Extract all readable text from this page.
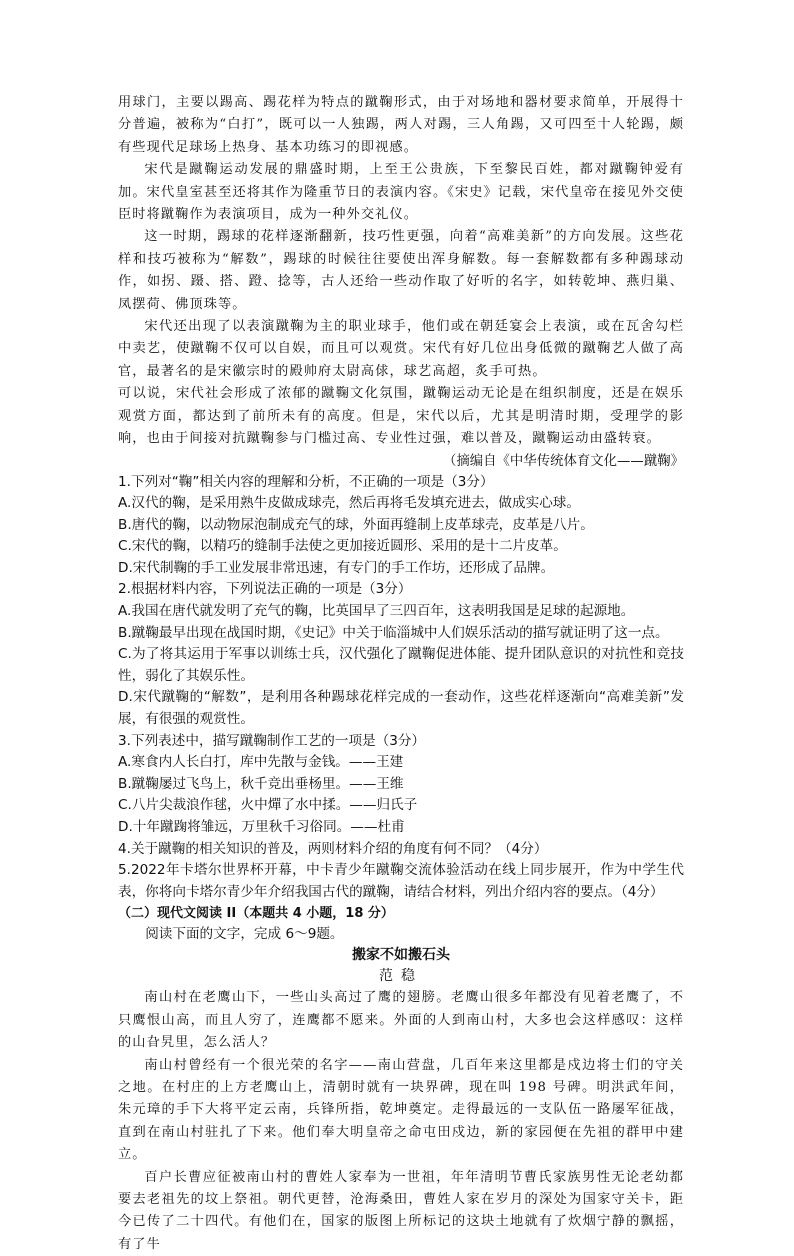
用球门，主要以踢高、踢花样为特点的蹴鞠形式，由于对场地和器材要求简单，开展得十分普遍，被称为“白打”，既可以一人独踢，两人对踢，三人角踢，又可四至十人轮踢，颇有些现代足球场上热身、基本功练习的即视感。

宋代是蹴鞠运动发展的鼎盛时期，上至王公贵族，下至黎民百姓，都对蹴鞠钟爱有加。宋代皇室甚至还将其作为隆重节日的表演内容。《宋史》记载，宋代皇帝在接见外交使臣时将蹴鞠作为表演项目，成为一种外交礼仪。

这一时期，踢球的花样逐渐翻新，技巧性更强，向着“高难美新”的方向发展。这些花样和技巧被称为“解数”，踢球的时候往往要使出浑身解数。每一套解数都有多种踢球动作，如拐、蹑、搭、蹬、捻等，古人还给一些动作取了好听的名字，如转乾坤、燕归巢、凤摆荷、佛顶珠等。

宋代还出现了以表演蹴鞠为主的职业球手，他们或在朝廷宴会上表演，或在瓦舍勾栏中卖艺，使蹴鞠不仅可以自娱，而且可以观赏。宋代有好几位出身低微的蹴鞠艺人做了高官，最著名的是宋徽宗时的殿帅府太尉高俅，球艺高超，炙手可热。

可以说，宋代社会形成了浓郁的蹴鞠文化氛围，蹴鞠运动无论是在组织制度，还是在娱乐观赏方面，都达到了前所未有的高度。但是，宋代以后，尤其是明清时期，受理学的影响，也由于间接对抗蹴鞠参与门槛过高、专业性过强，难以普及，蹴鞠运动由盛转衰。

（摘编自《中华传统体育文化——蹴鞠》

1.下列对“鞠”相关内容的理解和分析，不正确的一项是（3分）

A.汉代的鞠，是采用熟牛皮做成球壳，然后再将毛发填充进去，做成实心球。

B.唐代的鞠，以动物尿泡制成充气的球，外面再缝制上皮革球壳，皮革是八片。

C.宋代的鞠，以精巧的缝制手法使之更加接近圆形、采用的是十二片皮革。

D.宋代制鞠的手工业发展非常迅速，有专门的手工作坊，还形成了品牌。

2.根据材料内容，下列说法正确的一项是（3分）

A.我国在唐代就发明了充气的鞠，比英国早了三四百年，这表明我国是足球的起源地。

B.蹴鞠最早出现在战国时期，《史记》中关于临淄城中人们娱乐活动的描写就证明了这一点。

C.为了将其运用于军事以训练士兵，汉代强化了蹴鞠促进体能、提升团队意识的对抗性和竞技性，弱化了其娱乐性。

D.宋代蹴鞠的“解数”，是利用各种踢球花样完成的一套动作，这些花样逐渐向“高难美新”发展，有很强的观赏性。

3.下列表述中，描写蹴鞠制作工艺的一项是（3分）

A.寒食内人长白打，库中先散与金钱。——王建

B.蹴鞠屡过飞鸟上，秋千竞出垂杨里。——王维

C.八片尖裁浪作毬，火中燀了水中揉。——归氏子

D.十年蹴踘将雏远，万里秋千习俗同。——杜甫

4.关于蹴鞠的相关知识的普及，两则材料介绍的角度有何不同？（4分）

5.2022年卡塔尔世界杯开幕，中卡青少年蹴鞠交流体验活动在线上同步展开，作为中学生代表，你将向卡塔尔青少年介绍我国古代的蹴鞠，请结合材料，列出介绍内容的要点。（4分）

（二）现代文阅读 II（本题共 4 小题，18 分）

阅读下面的文字，完成 6～9题。

搬家不如搬石头

范稳

南山村在老鹰山下，一些山头高过了鹰的翅膀。老鹰山很多年都没有见着老鹰了，不只鹰恨山高，而且人穷了，连鹰都不愿来。外面的人到南山村，大多也会这样感叹：这样的山旮旯里，怎么活人？

南山村曾经有一个很光荣的名字——南山营盘，几百年来这里都是戍边将士们的守关之地。在村庄的上方老鹰山上，清朝时就有一块界碑，现在叫 198 号碑。明洪武年间，朱元璋的手下大将平定云南，兵锋所指，乾坤奠定。走得最远的一支队伍一路屡军征战，直到在南山村驻扎了下来。他们奉大明皇帝之命屯田戍边，新的家园便在先祖的群甲中建立。

百户长曹应征被南山村的曹姓人家奉为一世祖，年年清明节曹氏家族男性无论老幼都要去老祖先的坟上祭祖。朝代更替，沧海桑田，曹姓人家在岁月的深处为国家守关卡，距今已传了二十四代。有他们在，国家的版图上所标记的这块土地就有了炊烟宁静的飘摇，有了牛
